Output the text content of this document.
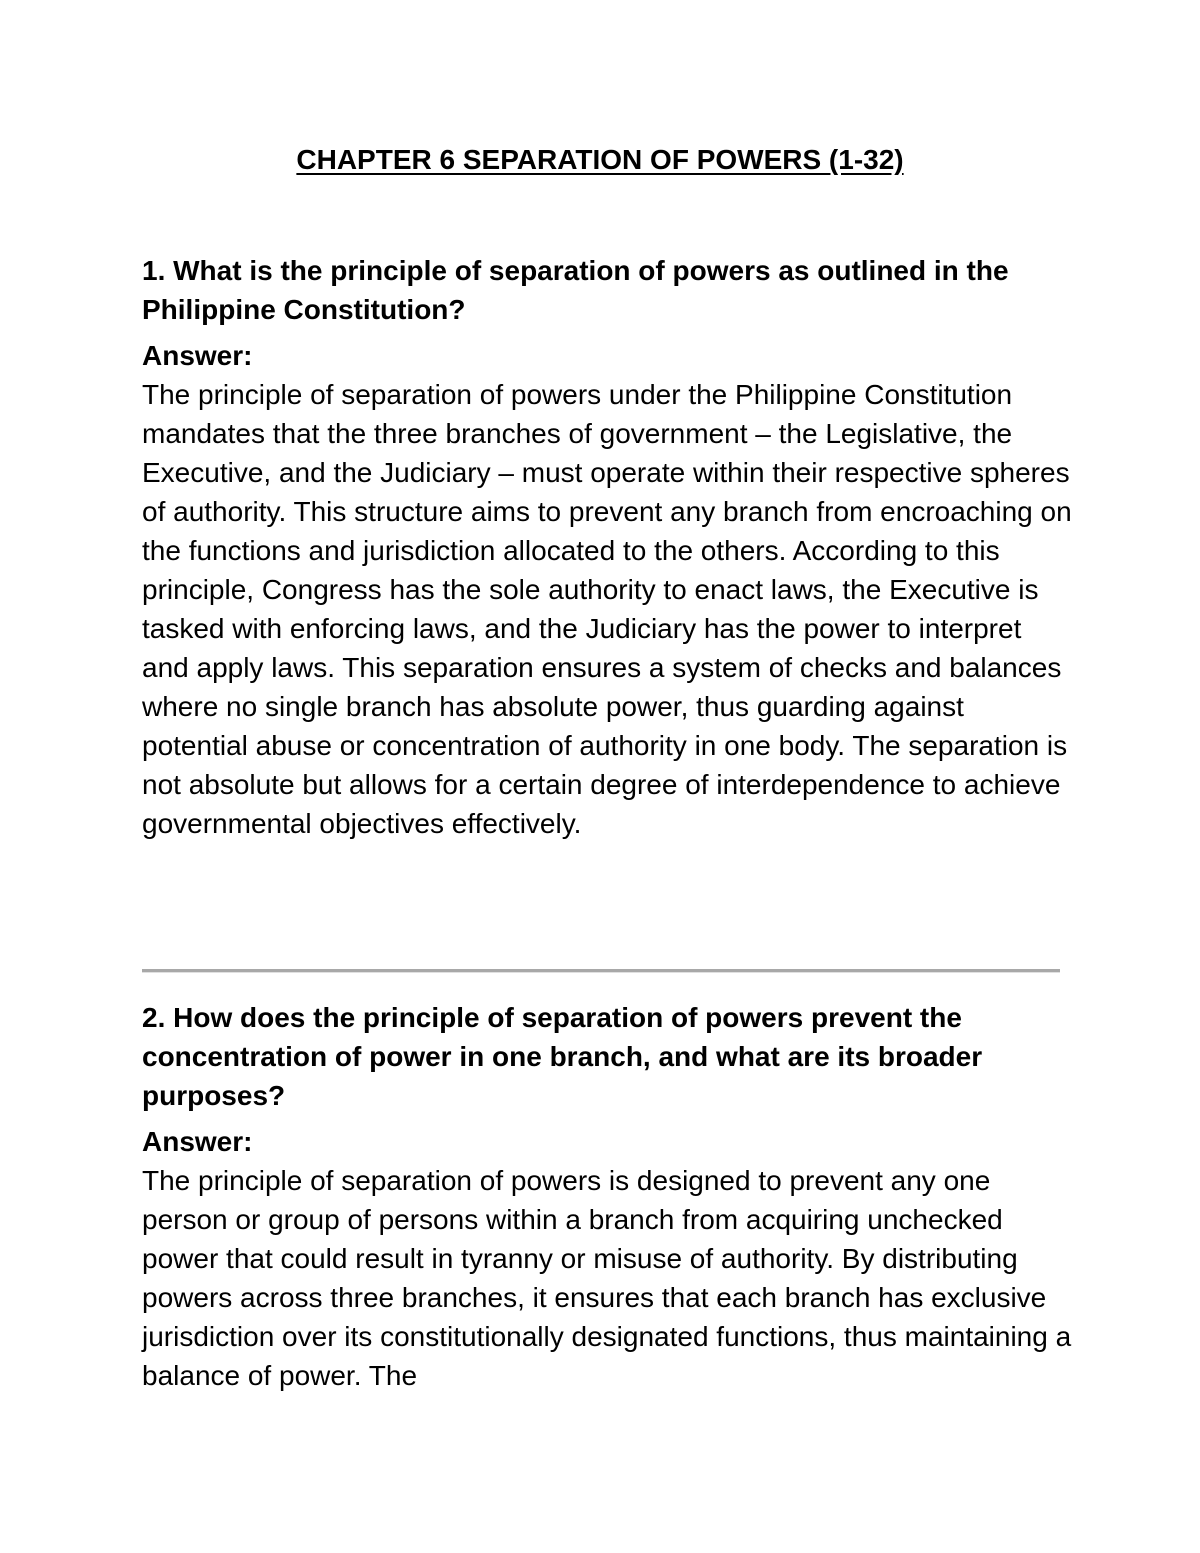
CHAPTER 6 SEPARATION OF POWERS (1-32)

1. What is the principle of separation of powers as outlined in the Philippine Constitution?

Answer:

The principle of separation of powers under the Philippine Constitution mandates that the three branches of government – the Legislative, the Executive, and the Judiciary – must operate within their respective spheres of authority. This structure aims to prevent any branch from encroaching on the functions and jurisdiction allocated to the others. According to this principle, Congress has the sole authority to enact laws, the Executive is tasked with enforcing laws, and the Judiciary has the power to interpret and apply laws. This separation ensures a system of checks and balances where no single branch has absolute power, thus guarding against potential abuse or concentration of authority in one body. The separation is not absolute but allows for a certain degree of interdependence to achieve governmental objectives effectively.

2. How does the principle of separation of powers prevent the concentration of power in one branch, and what are its broader purposes?

Answer:

The principle of separation of powers is designed to prevent any one person or group of persons within a branch from acquiring unchecked power that could result in tyranny or misuse of authority. By distributing powers across three branches, it ensures that each branch has exclusive jurisdiction over its constitutionally designated functions, thus maintaining a balance of power. The
